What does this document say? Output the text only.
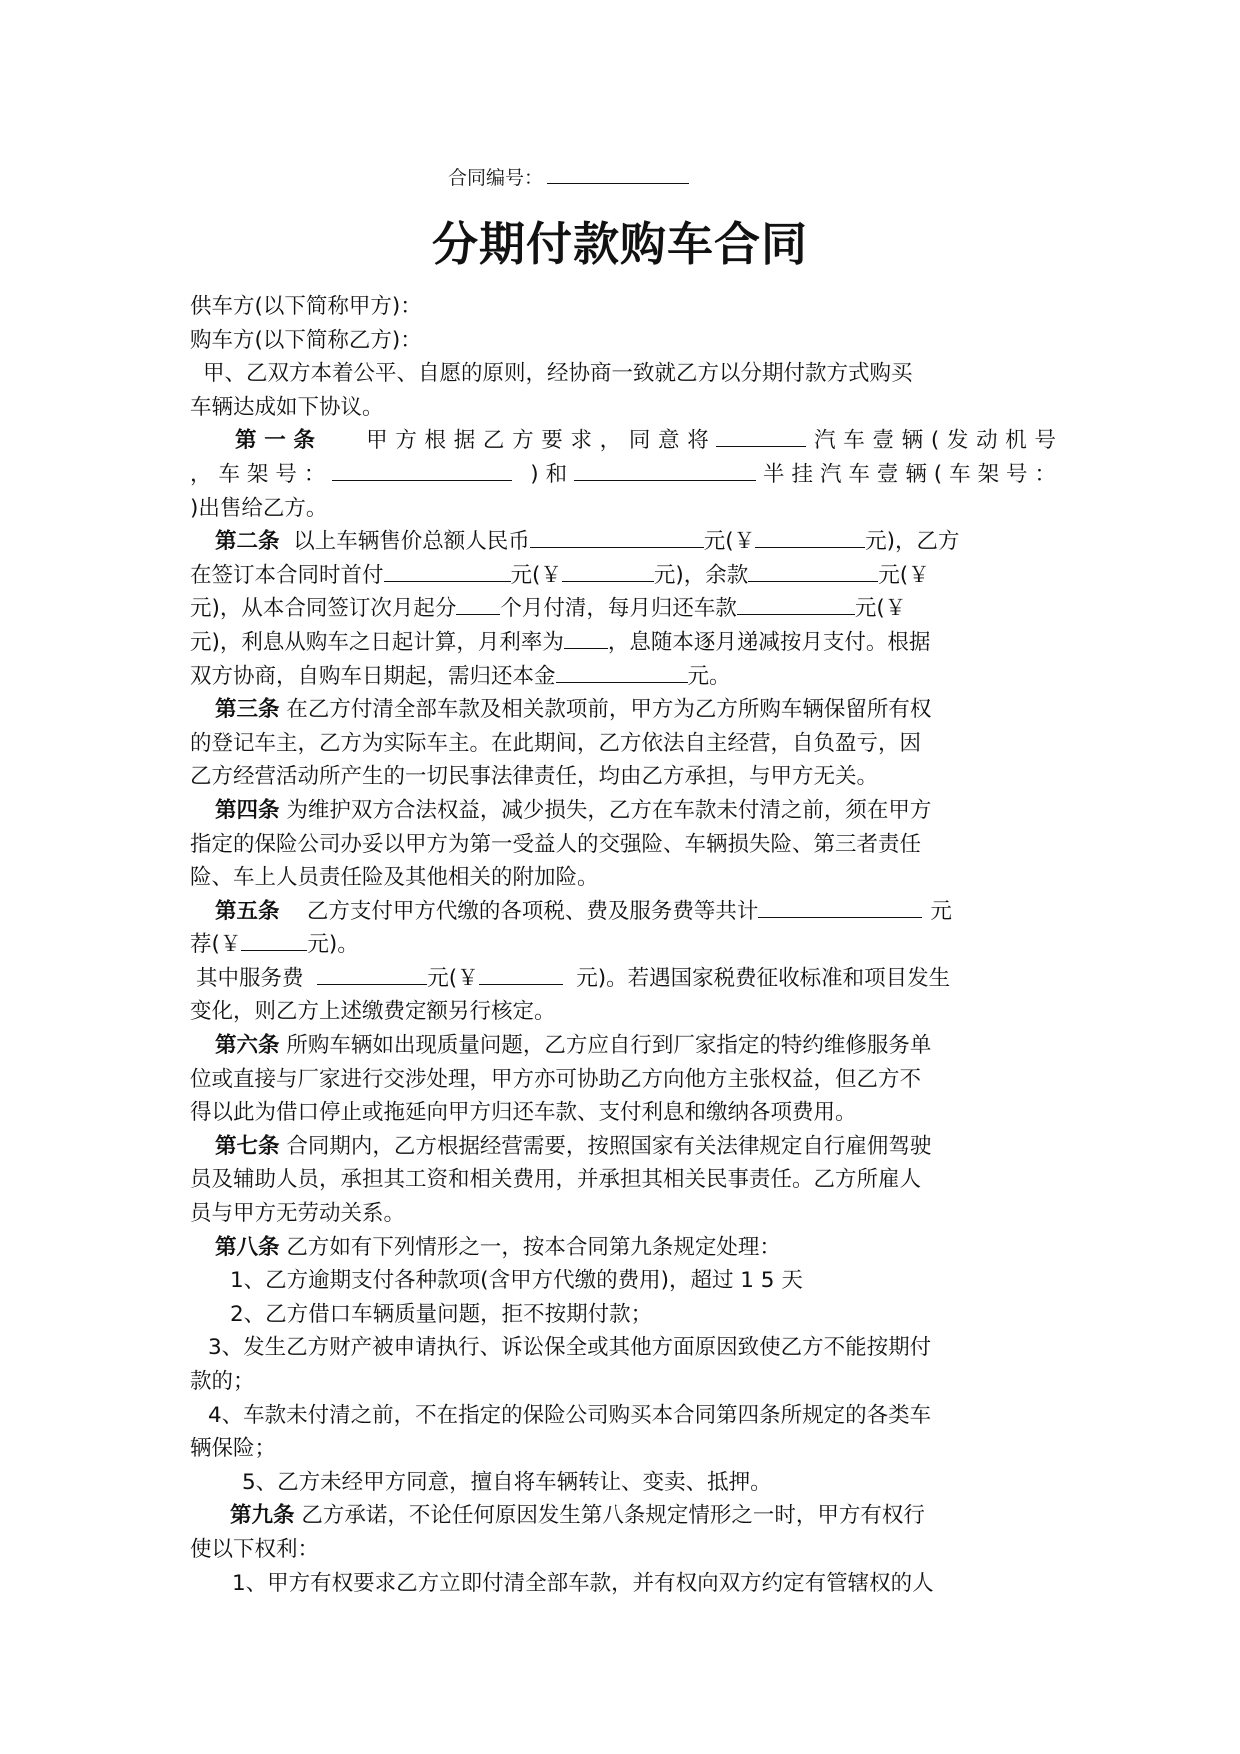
合同编号：
分期付款购车合同
供车方(以下简称甲方)：
购车方(以下简称乙方)：
甲、乙双方本着公平、自愿的原则，经协商一致就乙方以分期付款方式购买
车辆达成如下协议。
第一条 甲方根据乙方要求，同意将	汽车壹辆(发动机号
，车架号：	)和	半挂汽车壹辆(车架号：
)出售给乙方。
第二条 以上车辆售价总额人民币	元(￥	元)，乙方
在签订本合同时首付	元(￥	元)，余款	元(￥
元)，从本合同签订次月起分 个月付清，每月归还车款	元(￥
元)，利息从购车之日起计算，月利率为 ，息随本逐月递减按月支付。根据
双方协商，自购车日期起，需归还本金	元。
第三条 在乙方付清全部车款及相关款项前，甲方为乙方所购车辆保留所有权
的登记车主，乙方为实际车主。在此期间，乙方依法自主经营，自负盈亏，因
乙方经营活动所产生的一切民事法律责任，均由乙方承担，与甲方无关。
第四条 为维护双方合法权益，减少损失，乙方在车款未付清之前，须在甲方
指定的保险公司办妥以甲方为第一受益人的交强险、车辆损失险、第三者责任
险、车上人员责任险及其他相关的附加险。
第五条 乙方支付甲方代缴的各项税、费及服务费等共计	元
荐(￥	元)。
其中服务费	元(￥	元)。若遇国家税费征收标准和项目发生
变化，则乙方上述缴费定额另行核定。
第六条 所购车辆如出现质量问题，乙方应自行到厂家指定的特约维修服务单
位或直接与厂家进行交涉处理，甲方亦可协助乙方向他方主张权益，但乙方不
得以此为借口停止或拖延向甲方归还车款、支付利息和缴纳各项费用。
第七条 合同期内，乙方根据经营需要，按照国家有关法律规定自行雇佣驾驶
员及辅助人员，承担其工资和相关费用，并承担其相关民事责任。乙方所雇人
员与甲方无劳动关系。
第八条 乙方如有下列情形之一，按本合同第九条规定处理：
1、乙方逾期支付各种款项(含甲方代缴的费用)，超过 1 5 天
2、乙方借口车辆质量问题，拒不按期付款；
3、发生乙方财产被申请执行、诉讼保全或其他方面原因致使乙方不能按期付
款的；
4、车款未付清之前，不在指定的保险公司购买本合同第四条所规定的各类车
辆保险；
5、乙方未经甲方同意，擅自将车辆转让、变卖、抵押。
第九条 乙方承诺，不论任何原因发生第八条规定情形之一时，甲方有权行
使以下权利：
1、甲方有权要求乙方立即付清全部车款，并有权向双方约定有管辖权的人
